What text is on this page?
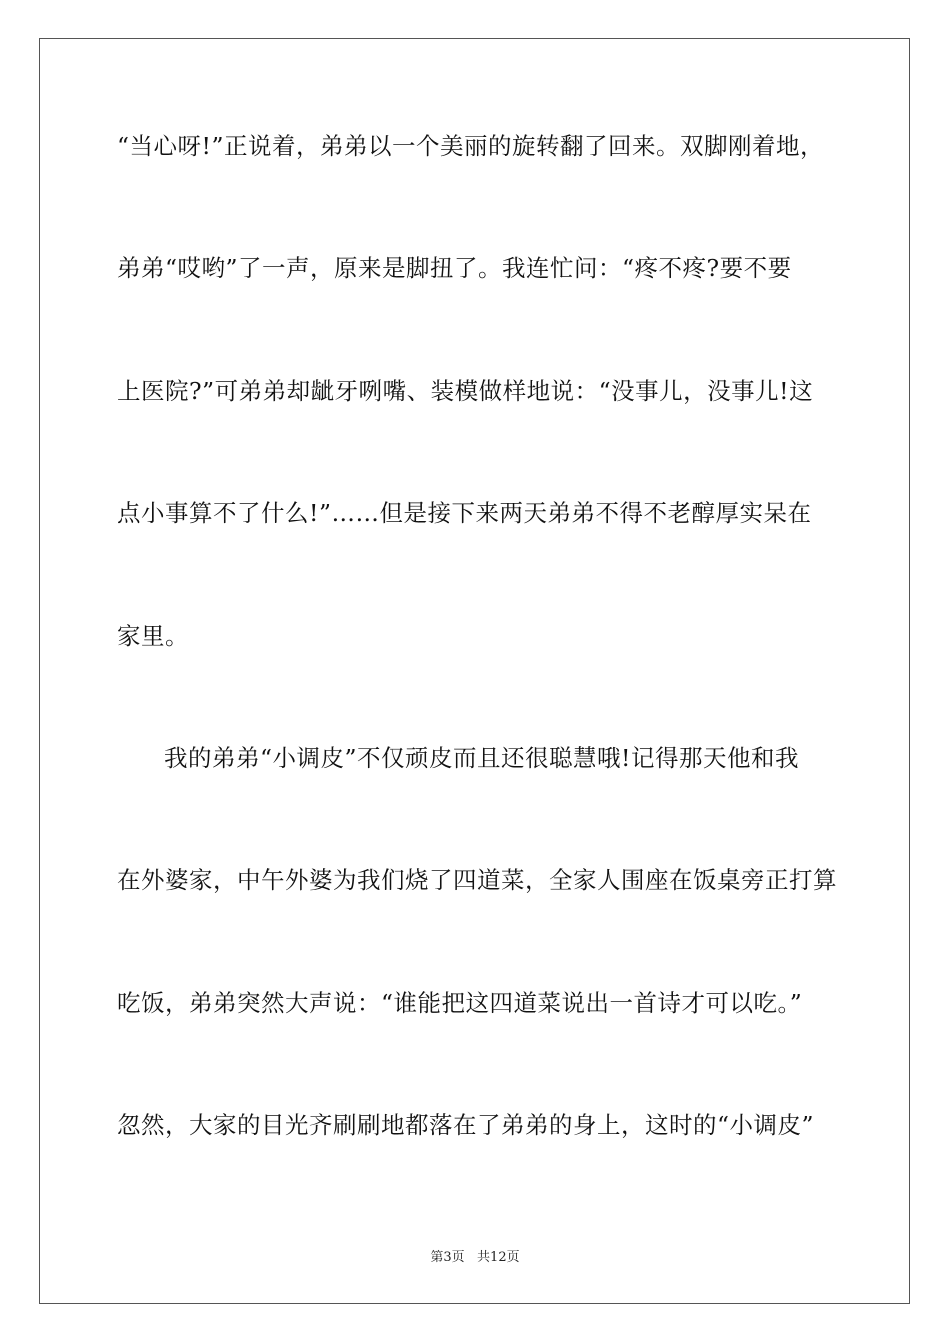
“当心呀!”正说着，弟弟以一个美丽的旋转翻了回来。双脚刚着地，
弟弟“哎哟”了一声，原来是脚扭了。我连忙问：“疼不疼?要不要
上医院?”可弟弟却龇牙咧嘴、装模做样地说：“没事儿，没事儿!这
点小事算不了什么!”……但是接下来两天弟弟不得不老醇厚实呆在
家里。
我的弟弟“小调皮”不仅顽皮而且还很聪慧哦!记得那天他和我
在外婆家，中午外婆为我们烧了四道菜，全家人围座在饭桌旁正打算
吃饭，弟弟突然大声说：“谁能把这四道菜说出一首诗才可以吃。”
忽然，大家的目光齐刷刷地都落在了弟弟的身上，这时的“小调皮”
第3页   共12页
